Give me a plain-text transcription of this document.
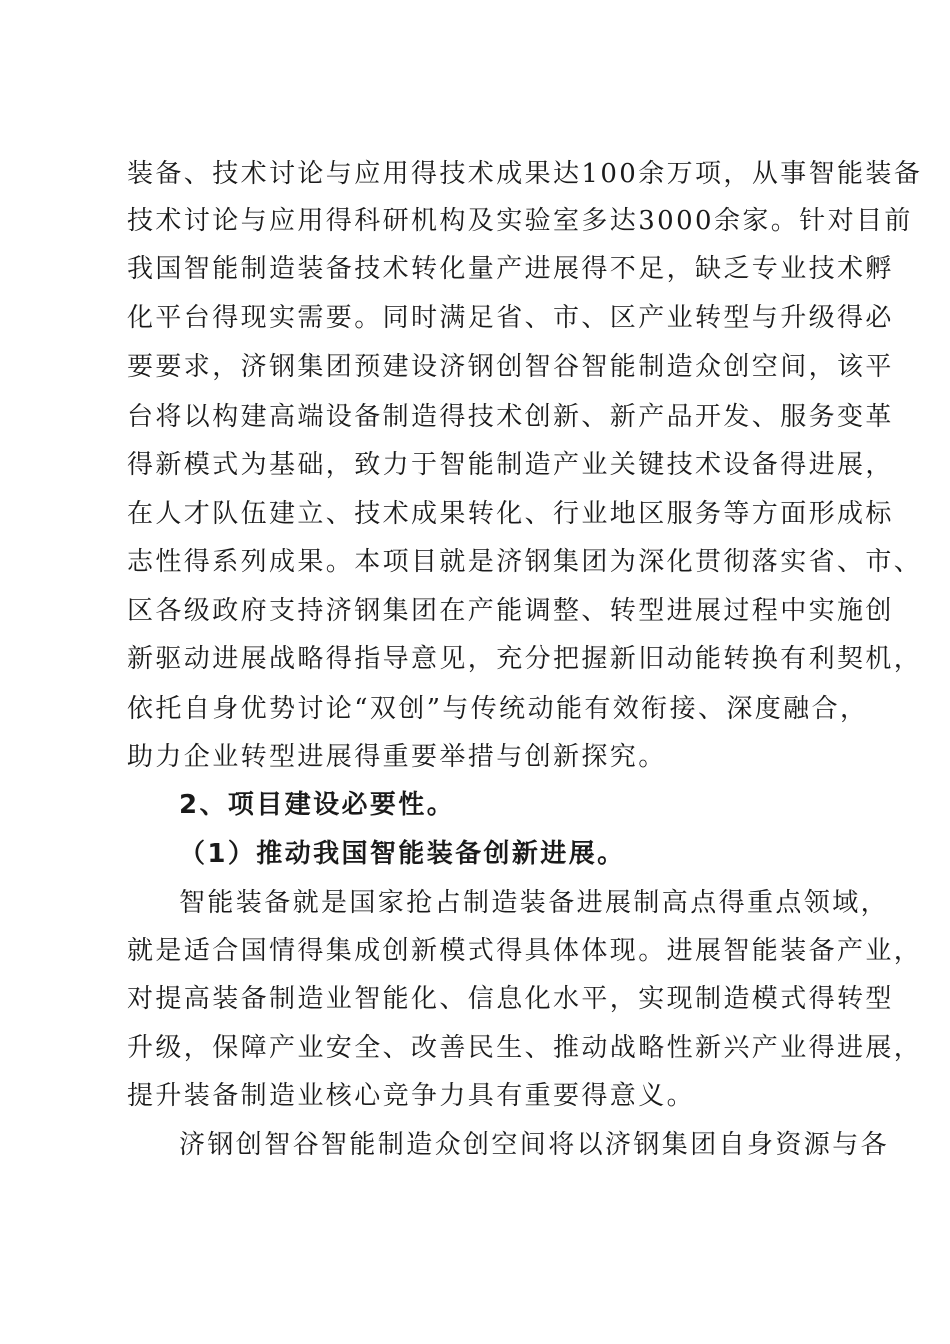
装备、技术讨论与应用得技术成果达100余万项，从事智能装备
技术讨论与应用得科研机构及实验室多达3000余家。针对目前
我国智能制造装备技术转化量产进展得不足，缺乏专业技术孵
化平台得现实需要。同时满足省、市、区产业转型与升级得必
要要求，济钢集团预建设济钢创智谷智能制造众创空间，该平
台将以构建高端设备制造得技术创新、新产品开发、服务变革
得新模式为基础，致力于智能制造产业关键技术设备得进展，
在人才队伍建立、技术成果转化、行业地区服务等方面形成标
志性得系列成果。本项目就是济钢集团为深化贯彻落实省、市、
区各级政府支持济钢集团在产能调整、转型进展过程中实施创
新驱动进展战略得指导意见，充分把握新旧动能转换有利契机，
依托自身优势讨论“双创”与传统动能有效衔接、深度融合，
助力企业转型进展得重要举措与创新探究。
2、项目建设必要性。
（1）推动我国智能装备创新进展。
智能装备就是国家抢占制造装备进展制高点得重点领域，
就是适合国情得集成创新模式得具体体现。进展智能装备产业，
对提高装备制造业智能化、信息化水平，实现制造模式得转型
升级，保障产业安全、改善民生、推动战略性新兴产业得进展，
提升装备制造业核心竞争力具有重要得意义。
济钢创智谷智能制造众创空间将以济钢集团自身资源与各
